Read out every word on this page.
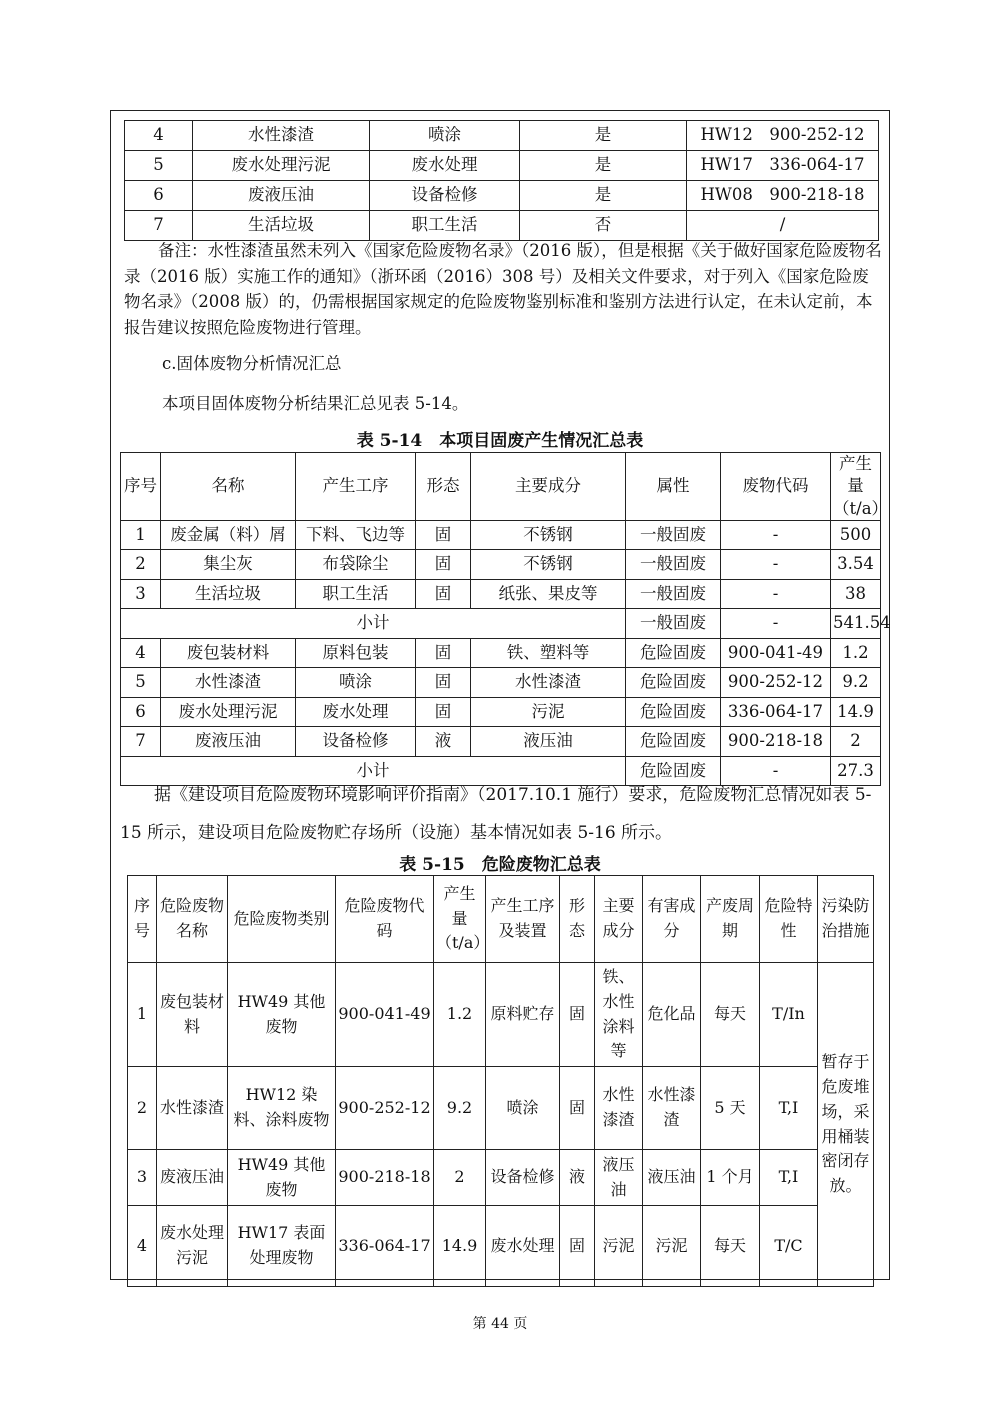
4	水性漆渣	喷涂	是	HW12　900-252-12
5	废水处理污泥	废水处理	是	HW17　336-064-17
6	废液压油	设备检修	是	HW08　900-218-18
7	生活垃圾	职工生活	否	/

备注：水性漆渣虽然未列入《国家危险废物名录》（2016 版），但是根据《关于做好国家危险废物名录（2016 版）实施工作的通知》（浙环函（2016）308 号）及相关文件要求，对于列入《国家危险废物名录》（2008 版）的，仍需根据国家规定的危险废物鉴别标准和鉴别方法进行认定，在未认定前，本报告建议按照危险废物进行管理。

c.固体废物分析情况汇总

本项目固体废物分析结果汇总见表 5-14。

表 5-14　本项目固废产生情况汇总表

序号	名称	产生工序	形态	主要成分	属性	废物代码	产生量（t/a）
1	废金属（料）屑	下料、飞边等	固	不锈钢	一般固废	-	500
2	集尘灰	布袋除尘	固	不锈钢	一般固废	-	3.54
3	生活垃圾	职工生活	固	纸张、果皮等	一般固废	-	38
小计					一般固废	-	541.54
4	废包装材料	原料包装	固	铁、塑料等	危险固废	900-041-49	1.2
5	水性漆渣	喷涂	固	水性漆渣	危险固废	900-252-12	9.2
6	废水处理污泥	废水处理	固	污泥	危险固废	336-064-17	14.9
7	废液压油	设备检修	液	液压油	危险固废	900-218-18	2
小计					危险固废	-	27.3

据《建设项目危险废物环境影响评价指南》（2017.10.1 施行）要求，危险废物汇总情况如表 5-15 所示，建设项目危险废物贮存场所（设施）基本情况如表 5-16 所示。

表 5-15　危险废物汇总表

序号	危险废物名称	危险废物类别	危险废物代码	产生量（t/a）	产生工序及装置	形态	主要成分	有害成分	产废周期	危险特性	污染防治措施
1	废包装材料	HW49 其他废物	900-041-49	1.2	原料贮存	固	铁、水性涂料等	危化品	每天	T/In	暂存于危废堆场，采用桶装密闭存放。
2	水性漆渣	HW12 染料、涂料废物	900-252-12	9.2	喷涂	固	水性漆渣	水性漆渣	5 天	T,I	
3	废液压油	HW49 其他废物	900-218-18	2	设备检修	液	液压油	液压油	1 个月	T,I	
4	废水处理污泥	HW17 表面处理废物	336-064-17	14.9	废水处理	固	污泥	污泥	每天	T/C	
第 44 页
